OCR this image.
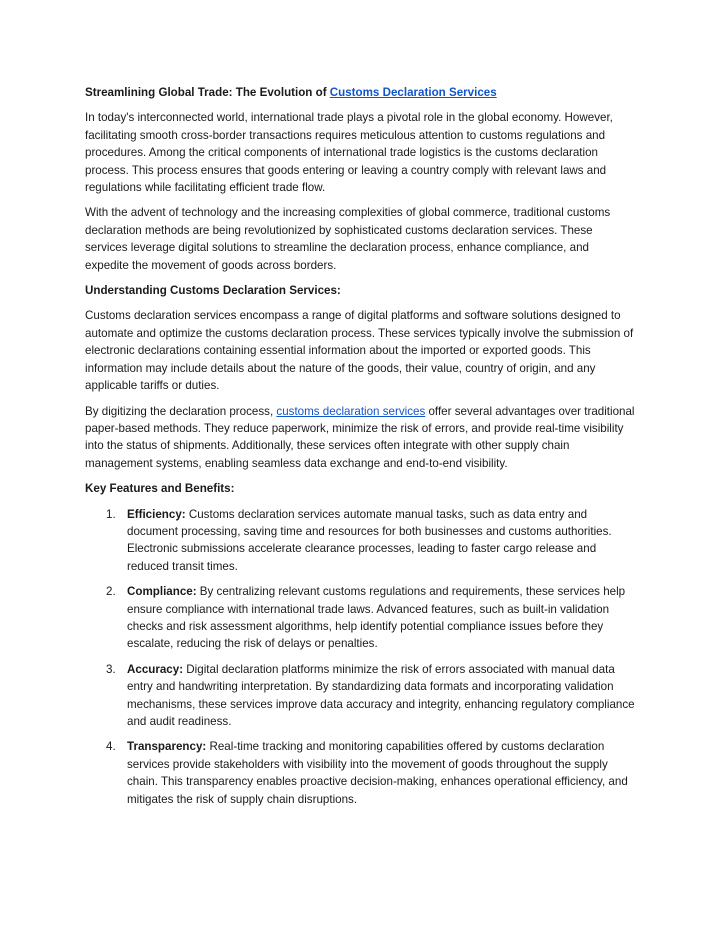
Streamlining Global Trade: The Evolution of Customs Declaration Services

In today's interconnected world, international trade plays a pivotal role in the global economy. However, facilitating smooth cross-border transactions requires meticulous attention to customs regulations and procedures. Among the critical components of international trade logistics is the customs declaration process. This process ensures that goods entering or leaving a country comply with relevant laws and regulations while facilitating efficient trade flow.

With the advent of technology and the increasing complexities of global commerce, traditional customs declaration methods are being revolutionized by sophisticated customs declaration services. These services leverage digital solutions to streamline the declaration process, enhance compliance, and expedite the movement of goods across borders.

Understanding Customs Declaration Services:

Customs declaration services encompass a range of digital platforms and software solutions designed to automate and optimize the customs declaration process. These services typically involve the submission of electronic declarations containing essential information about the imported or exported goods. This information may include details about the nature of the goods, their value, country of origin, and any applicable tariffs or duties.

By digitizing the declaration process, customs declaration services offer several advantages over traditional paper-based methods. They reduce paperwork, minimize the risk of errors, and provide real-time visibility into the status of shipments. Additionally, these services often integrate with other supply chain management systems, enabling seamless data exchange and end-to-end visibility.

Key Features and Benefits:
1. Efficiency: Customs declaration services automate manual tasks, such as data entry and document processing, saving time and resources for both businesses and customs authorities. Electronic submissions accelerate clearance processes, leading to faster cargo release and reduced transit times.
2. Compliance: By centralizing relevant customs regulations and requirements, these services help ensure compliance with international trade laws. Advanced features, such as built-in validation checks and risk assessment algorithms, help identify potential compliance issues before they escalate, reducing the risk of delays or penalties.
3. Accuracy: Digital declaration platforms minimize the risk of errors associated with manual data entry and handwriting interpretation. By standardizing data formats and incorporating validation mechanisms, these services improve data accuracy and integrity, enhancing regulatory compliance and audit readiness.
4. Transparency: Real-time tracking and monitoring capabilities offered by customs declaration services provide stakeholders with visibility into the movement of goods throughout the supply chain. This transparency enables proactive decision-making, enhances operational efficiency, and mitigates the risk of supply chain disruptions.
